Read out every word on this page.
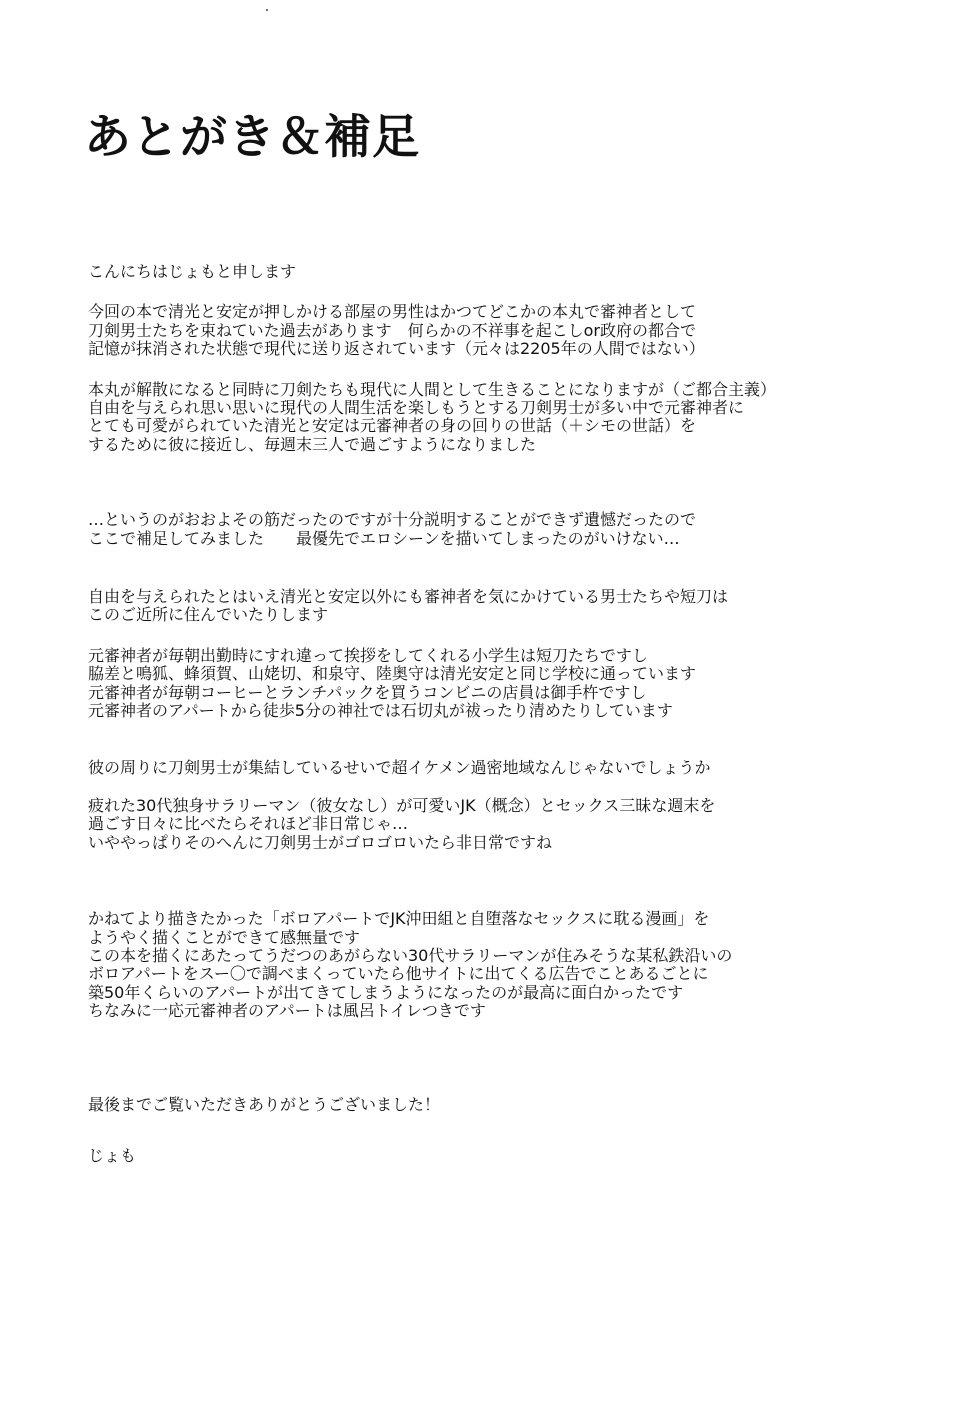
あとがき＆補足

こんにちはじょもと申します

今回の本で清光と安定が押しかける部屋の男性はかつてどこかの本丸で審神者として
刀剣男士たちを束ねていた過去があります　何らかの不祥事を起こしor政府の都合で
記憶が抹消された状態で現代に送り返されています（元々は2205年の人間ではない）

本丸が解散になると同時に刀剣たちも現代に人間として生きることになりますが（ご都合主義）
自由を与えられ思い思いに現代の人間生活を楽しもうとする刀剣男士が多い中で元審神者に
とても可愛がられていた清光と安定は元審神者の身の回りの世話（＋シモの世話）を
するために彼に接近し、毎週末三人で過ごすようになりました

…というのがおおよその筋だったのですが十分説明することができず遺憾だったので
ここで補足してみました　　最優先でエロシーンを描いてしまったのがいけない…

自由を与えられたとはいえ清光と安定以外にも審神者を気にかけている男士たちや短刀は
このご近所に住んでいたりします

元審神者が毎朝出勤時にすれ違って挨拶をしてくれる小学生は短刀たちですし
脇差と鳴狐、蜂須賀、山姥切、和泉守、陸奥守は清光安定と同じ学校に通っています
元審神者が毎朝コーヒーとランチパックを買うコンビニの店員は御手杵ですし
元審神者のアパートから徒歩5分の神社では石切丸が祓ったり清めたりしています

彼の周りに刀剣男士が集結しているせいで超イケメン過密地域なんじゃないでしょうか

疲れた30代独身サラリーマン（彼女なし）が可愛いJK（概念）とセックス三昧な週末を
過ごす日々に比べたらそれほど非日常じゃ…
いややっぱりそのへんに刀剣男士がゴロゴロいたら非日常ですね

かねてより描きたかった「ボロアパートでJK沖田組と自堕落なセックスに耽る漫画」を
ようやく描くことができて感無量です
この本を描くにあたってうだつのあがらない30代サラリーマンが住みそうな某私鉄沿いの
ボロアパートをスー〇で調べまくっていたら他サイトに出てくる広告でことあるごとに
築50年くらいのアパートが出てきてしまうようになったのが最高に面白かったです
ちなみに一応元審神者のアパートは風呂トイレつきです

最後までご覧いただきありがとうございました！

じょも
